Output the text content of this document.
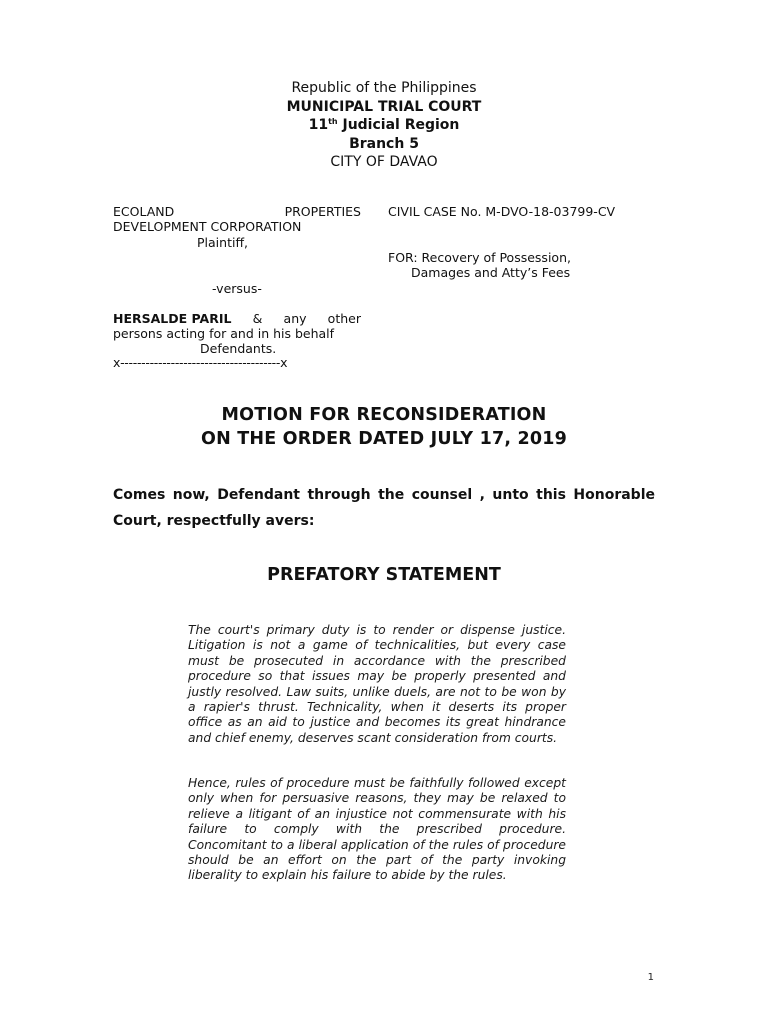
Republic of the Philippines
MUNICIPAL TRIAL COURT
11th Judicial Region
Branch 5
CITY OF DAVAO
ECOLAND	PROPERTIES
DEVELOPMENT CORPORATION
Plaintiff,
-versus-
HERSALDE PARIL & any other
persons acting for and in his behalf
Defendants.
x--------------------------------------x
CIVIL CASE No. M-DVO-18-03799-CV
FOR: Recovery of Possession,
Damages and Atty’s Fees
MOTION FOR RECONSIDERATION
ON THE ORDER DATED JULY 17, 2019
Comes now, Defendant through the counsel , unto this Honorable Court, respectfully avers:
PREFATORY STATEMENT
The court's primary duty is to render or dispense justice. Litigation is not a game of technicalities, but every case must be prosecuted in accordance with the prescribed procedure so that issues may be properly presented and justly resolved. Law suits, unlike duels, are not to be won by a rapier's thrust. Technicality, when it deserts its proper office as an aid to justice and becomes its great hindrance and chief enemy, deserves scant consideration from courts.
Hence, rules of procedure must be faithfully followed except only when for persuasive reasons, they may be relaxed to relieve a litigant of an injustice not commensurate with his failure to comply with the prescribed procedure. Concomitant to a liberal application of the rules of procedure should be an effort on the part of the party invoking liberality to explain his failure to abide by the rules.
1
